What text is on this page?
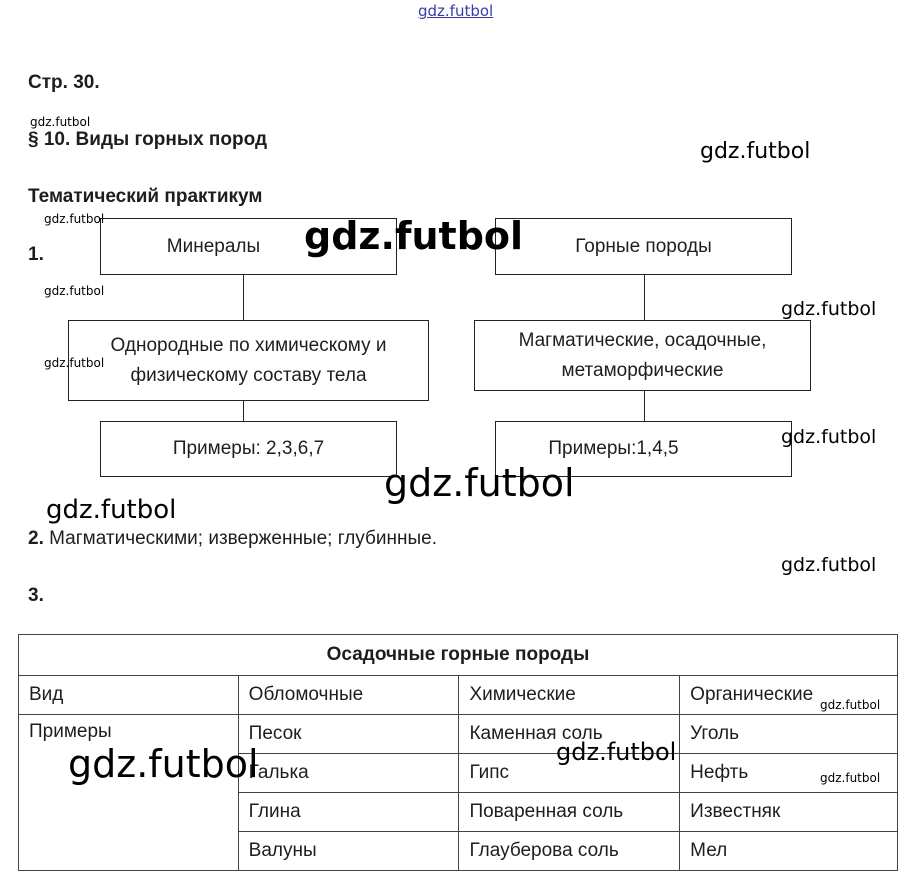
Стр. 30.
§ 10. Виды горных пород
Тематический практикум
1.	Минералы
Однородные по химическому и
физическому составу тела
Примеры: 2,3,6,7
Горные породы
Магматические, осадочные,
метаморфические
Примеры:1,4,5
2. Магматическими; изверженные; глубинные.
3.
Осадочные горные породы			
Вид	Обломочные	Химические	Органические
Примеры	Песок	Каменная соль	Уголь
	Галька	Гипс	Нефть
	Глина	Поваренная соль	Известняк
	Валуны	Глауберова соль	Мел
gdz.futbol
gdz.futbol
gdz.futbol
gdz.futbol	gdz.futbol
gdz.futbol
gdz.futbol
gdz.futbol
gdz.futbol
gdz.futbol
gdz.futbol
gdz.futbol
gdz.futbol
gdz.futbol
gdz.futbol	gdz.futbol
